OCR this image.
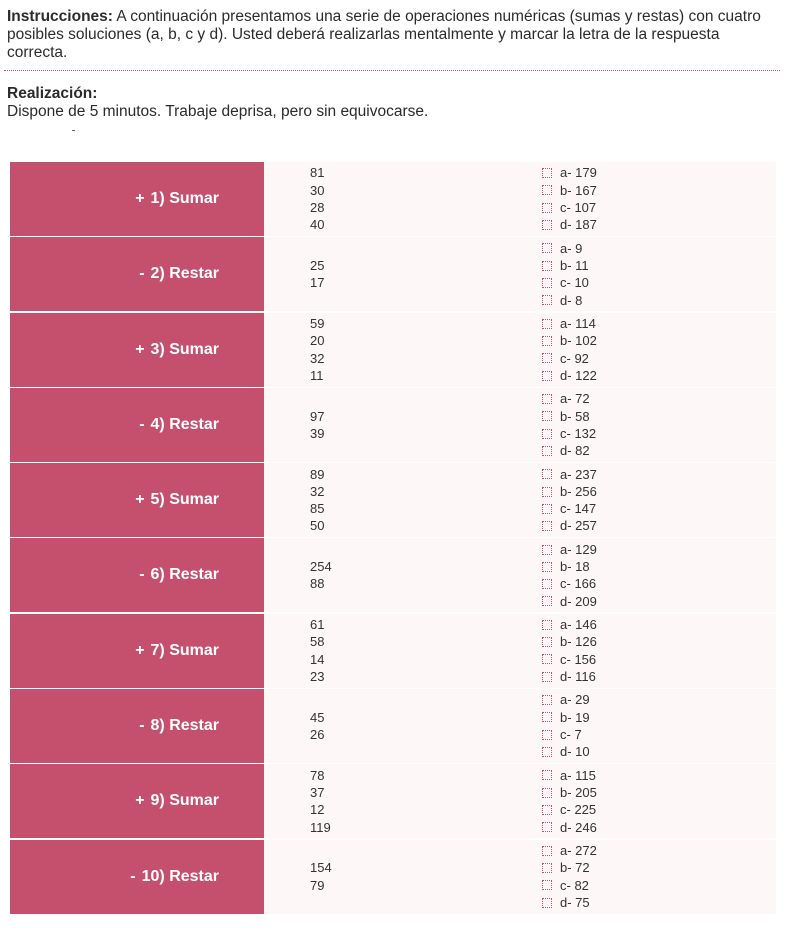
Instrucciones: A continuación presentamos una serie de operaciones numéricas (sumas y restas) con cuatro posibles soluciones (a, b, c y d). Usted deberá realizarlas mentalmente y marcar la letra de la respuesta correcta.
Realización:
Dispone de 5 minutos. Trabaje deprisa, pero sin equivocarse.
+ 1) Sumar
81
30
28
40
a- 179
b- 167
c- 107
d- 187
- 2) Restar	25
17
a- 9
b- 11
c- 10
d- 8
+ 3) Sumar
59
20
32
11
a- 114
b- 102
c- 92
d- 122
- 4) Restar	97
39
a- 72
b- 58
c- 132
d- 82
+ 5) Sumar
89
32
85
50
a- 237
b- 256
c- 147
d- 257
- 6) Restar	254
88
a- 129
b- 18
c- 166
d- 209
+ 7) Sumar
61
58
14
23
a- 146
b- 126
c- 156
d- 116
- 8) Restar	45
26
a- 29
b- 19
c- 7
d- 10
+ 9) Sumar
78
37
12
119
a- 115
b- 205
c- 225
d- 246
- 10) Restar	154
79
a- 272
b- 72
c- 82
d- 75
